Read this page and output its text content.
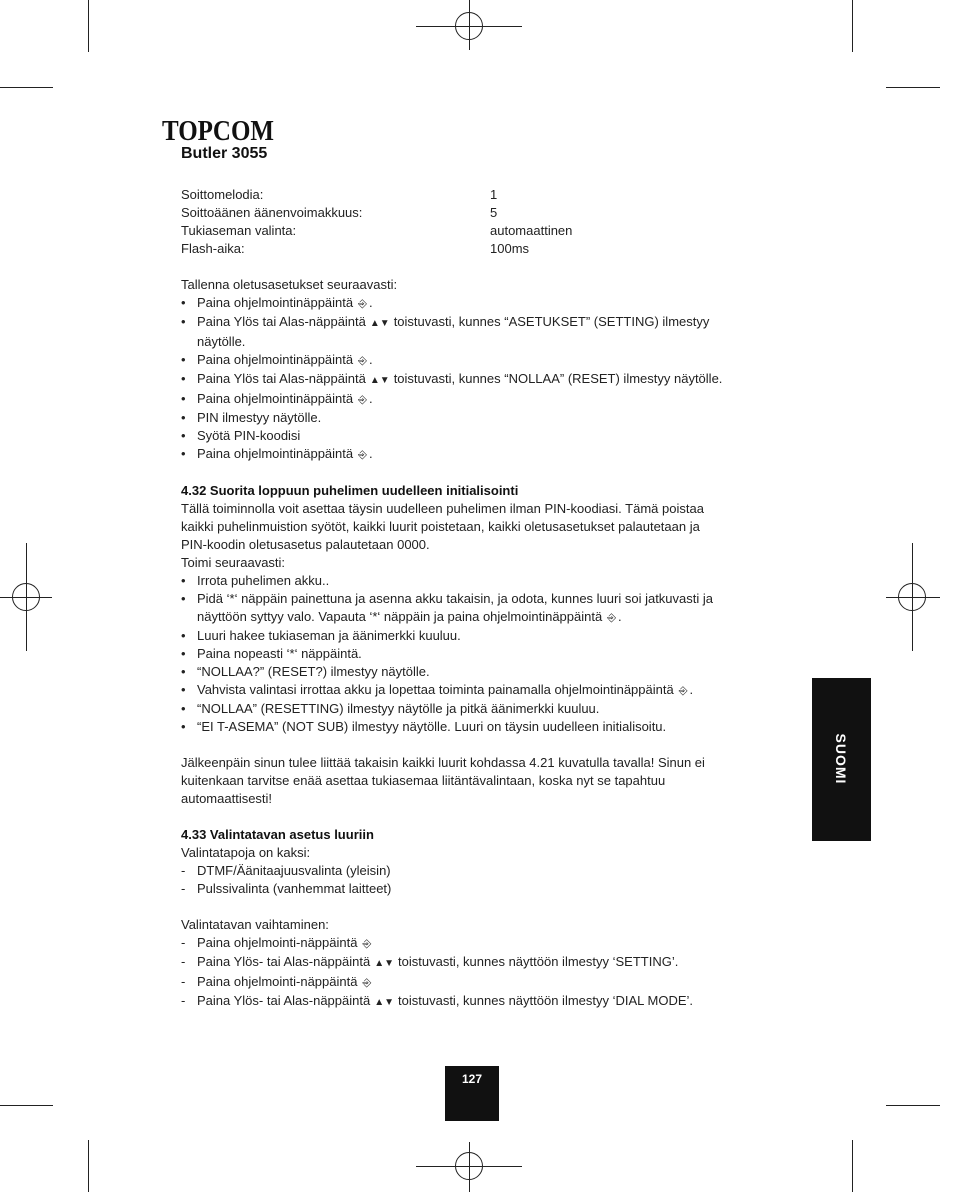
TOPCOM
Butler 3055
Soittomelodia:	1
Soittoäänen äänenvoimakkuus:	5
Tukiaseman valinta:	automaattinen
Flash-aika:	100ms
Tallenna oletusasetukset seuraavasti:
• Paina ohjelmointinäppäintä ⎆ .
• Paina Ylös tai Alas-näppäintä ▲▼ toistuvasti, kunnes “ASETUKSET” (SETTING) ilmestyy
näytölle.
• Paina ohjelmointinäppäintä ⎆ .
• Paina Ylös tai Alas-näppäintä ▲▼ toistuvasti, kunnes “NOLLAA” (RESET) ilmestyy näytölle.
• Paina ohjelmointinäppäintä ⎆ .
• PIN ilmestyy näytölle.
• Syötä PIN-koodisi
• Paina ohjelmointinäppäintä ⎆ .
4.32 Suorita loppuun puhelimen uudelleen initialisointi
Tällä toiminnolla voit asettaa täysin uudelleen puhelimen ilman PIN-koodiasi. Tämä poistaa
kaikki puhelinmuistion syötöt, kaikki luurit poistetaan, kaikki oletusasetukset palautetaan ja
PIN-koodin oletusasetus palautetaan 0000.
Toimi seuraavasti:
• Irrota puhelimen akku..
• Pidä ‘*‘ näppäin painettuna ja asenna akku takaisin, ja odota, kunnes luuri soi jatkuvasti ja
näyttöön syttyy valo. Vapauta ‘*‘ näppäin ja paina ohjelmointinäppäintä ⎆ .
• Luuri hakee tukiaseman ja äänimerkki kuuluu.
• Paina nopeasti ‘*‘ näppäintä.
• “NOLLAA?” (RESET?) ilmestyy näytölle.
• Vahvista valintasi irrottaa akku ja lopettaa toiminta painamalla ohjelmointinäppäintä ⎆ .
• “NOLLAA” (RESETTING) ilmestyy näytölle ja pitkä äänimerkki kuuluu.
• “EI T-ASEMA” (NOT SUB) ilmestyy näytölle. Luuri on täysin uudelleen initialisoitu.
Jälkeenpäin sinun tulee liittää takaisin kaikki luurit kohdassa 4.21 kuvatulla tavalla! Sinun ei
kuitenkaan tarvitse enää asettaa tukiasemaa liitäntävalintaan, koska nyt se tapahtuu
automaattisesti!
4.33 Valintatavan asetus luuriin
Valintatapoja on kaksi:
- DTMF/Äänitaajuusvalinta (yleisin)
- Pulssivalinta (vanhemmat laitteet)
Valintatavan vaihtaminen:
- Paina ohjelmointi-näppäintä ⎆
- Paina Ylös- tai Alas-näppäintä ▲▼ toistuvasti, kunnes näyttöön ilmestyy ‘SETTING’.
- Paina ohjelmointi-näppäintä ⎆
- Paina Ylös- tai Alas-näppäintä ▲▼ toistuvasti, kunnes näyttöön ilmestyy ‘DIAL MODE’.
SUOMI
127
